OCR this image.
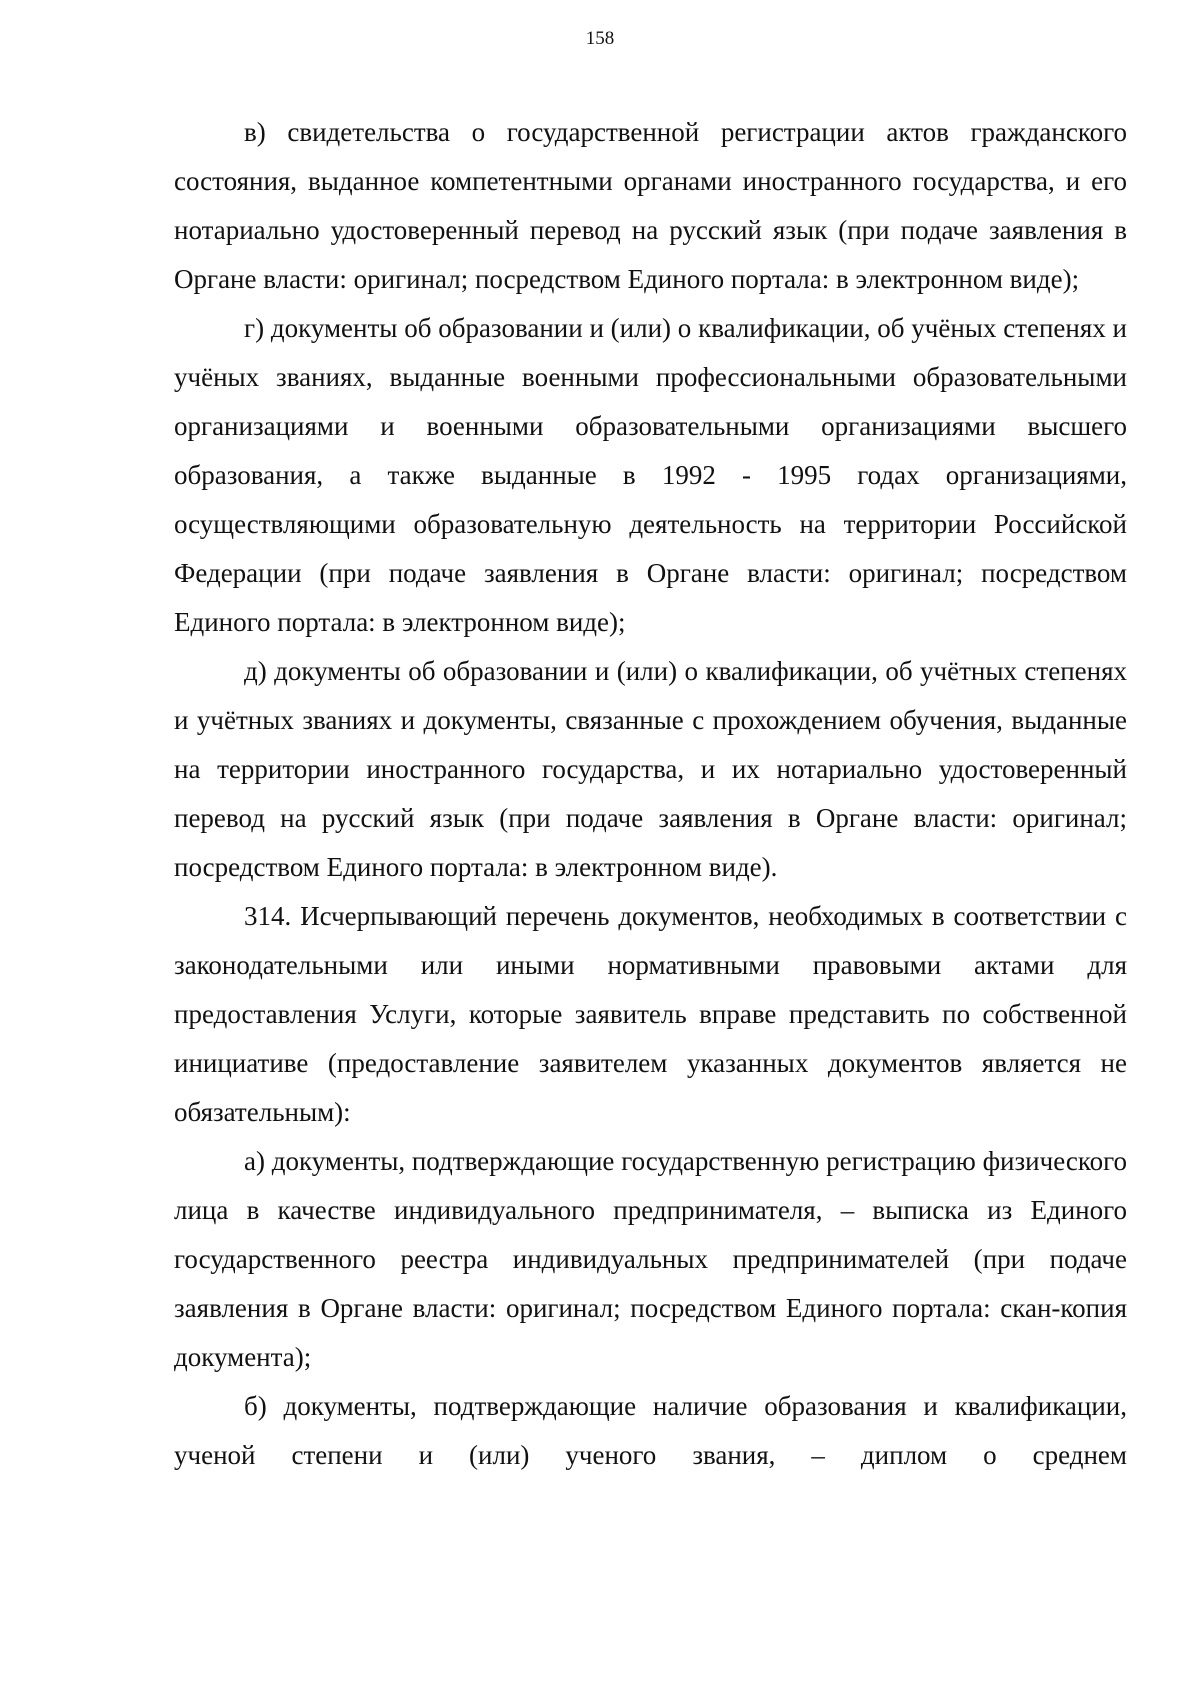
158

в) свидетельства о государственной регистрации актов гражданского состояния, выданное компетентными органами иностранного государства, и его нотариально удостоверенный перевод на русский язык (при подаче заявления в Органе власти: оригинал; посредством Единого портала: в электронном виде);

г) документы об образовании и (или) о квалификации, об учёных степенях и учёных званиях, выданные военными профессиональными образовательными организациями и военными образовательными организациями высшего образования, а также выданные в 1992 - 1995 годах организациями, осуществляющими образовательную деятельность на территории Российской Федерации (при подаче заявления в Органе власти: оригинал; посредством Единого портала: в электронном виде);

д) документы об образовании и (или) о квалификации, об учётных степенях и учётных званиях и документы, связанные с прохождением обучения, выданные на территории иностранного государства, и их нотариально удостоверенный перевод на русский язык (при подаче заявления в Органе власти: оригинал; посредством Единого портала: в электронном виде).

314. Исчерпывающий перечень документов, необходимых в соответствии с законодательными или иными нормативными правовыми актами для предоставления Услуги, которые заявитель вправе представить по собственной инициативе (предоставление заявителем указанных документов является не обязательным):

а) документы, подтверждающие государственную регистрацию физического лица в качестве индивидуального предпринимателя, – выписка из Единого государственного реестра индивидуальных предпринимателей (при подаче заявления в Органе власти: оригинал; посредством Единого портала: скан-копия документа);

б) документы, подтверждающие наличие образования и квалификации, ученой степени и (или) ученого звания, – диплом о среднем
